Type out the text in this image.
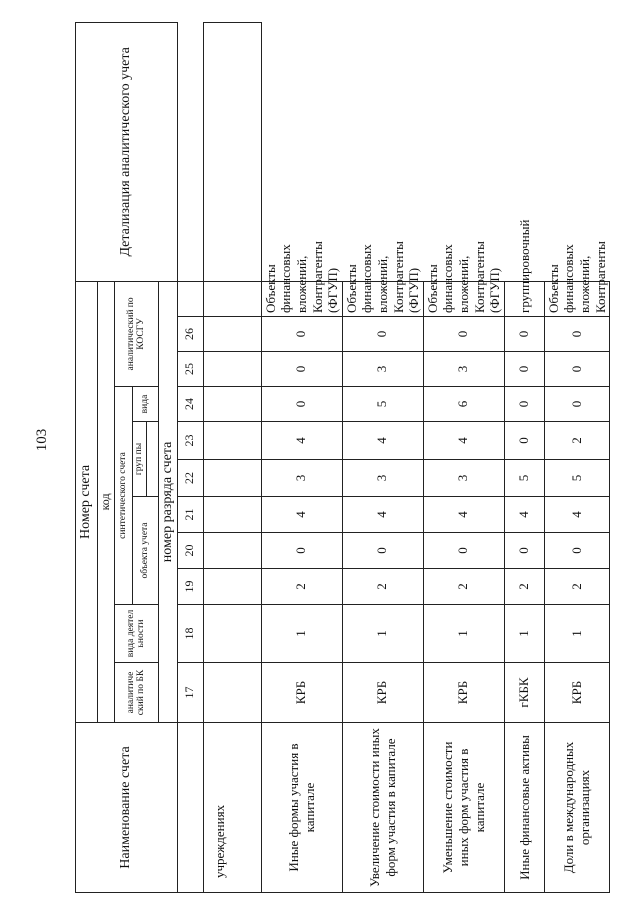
103
Наименование счета	Номер счета											Детализация аналитического учета
	код											
	аналитиче ский по БК	вида деятел ьности	синтетического счета						аналитический по КОСГУ			
			объекта учета			груп пы		вида				

	номер разряда счета											
	17	18	19	20	21	22	23	24	25	26		
учреждениях												
Иные формы участия в капитале	КРБ	1	2	0	4	3	4	0	0	0	Объекты финансовых вложений, Контрагенты (ФГУП)	
Увеличение стоимости иных форм участия в капитале	КРБ	1	2	0	4	3	4	5	3	0	Объекты финансовых вложений, Контрагенты (ФГУП)	
Уменьшение стоимости иных форм участия в капитале	КРБ	1	2	0	4	3	4	6	3	0	Объекты финансовых вложений, Контрагенты (ФГУП)	
Иные финансовые активы	гКБК	1	2	0	4	5	0	0	0	0	группировочный	
Доли в международных организациях	КРБ	1	2	0	4	5	2	0	0	0	Объекты финансовых вложений, Контрагенты	
